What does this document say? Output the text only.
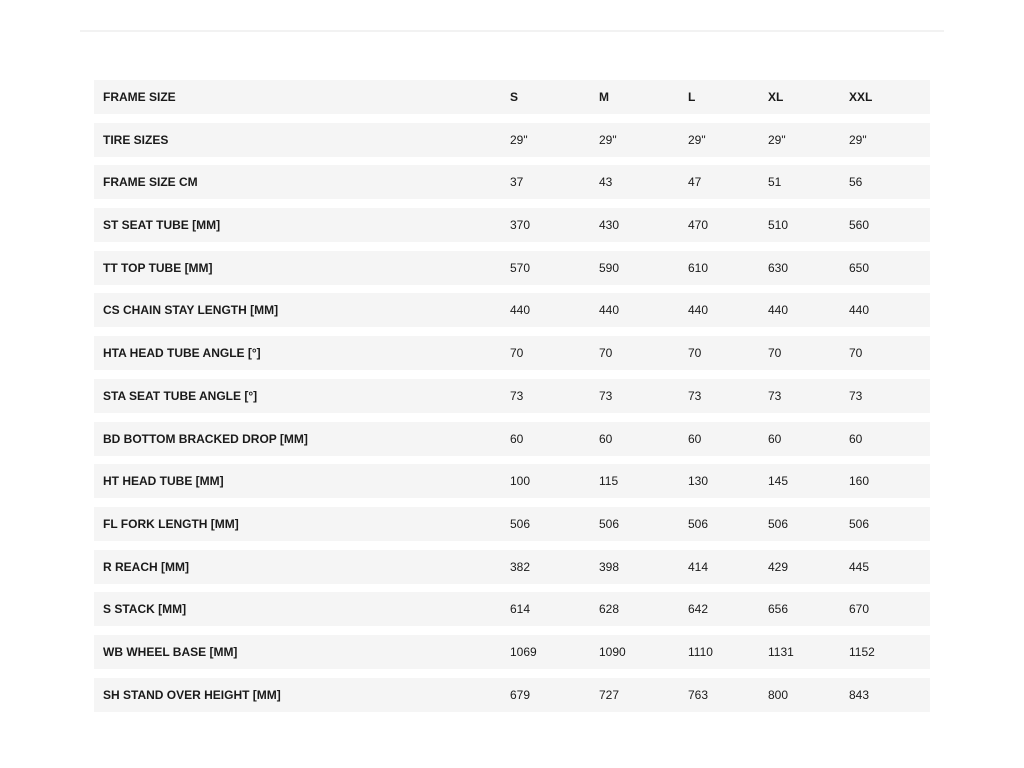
FRAME SIZE	S	M	L	XL	XXL
TIRE SIZES	29"	29"	29"	29"	29"
FRAME SIZE CM	37	43	47	51	56
ST SEAT TUBE [MM]	370	430	470	510	560
TT TOP TUBE [MM]	570	590	610	630	650
CS CHAIN STAY LENGTH [MM]	440	440	440	440	440
HTA HEAD TUBE ANGLE [°]	70	70	70	70	70
STA SEAT TUBE ANGLE [°]	73	73	73	73	73
BD BOTTOM BRACKED DROP [MM]	60	60	60	60	60
HT HEAD TUBE [MM]	100	115	130	145	160
FL FORK LENGTH [MM]	506	506	506	506	506
R REACH [MM]	382	398	414	429	445
S STACK [MM]	614	628	642	656	670
WB WHEEL BASE [MM]	1069	1090	1110	1131	1152
SH STAND OVER HEIGHT [MM]	679	727	763	800	843
